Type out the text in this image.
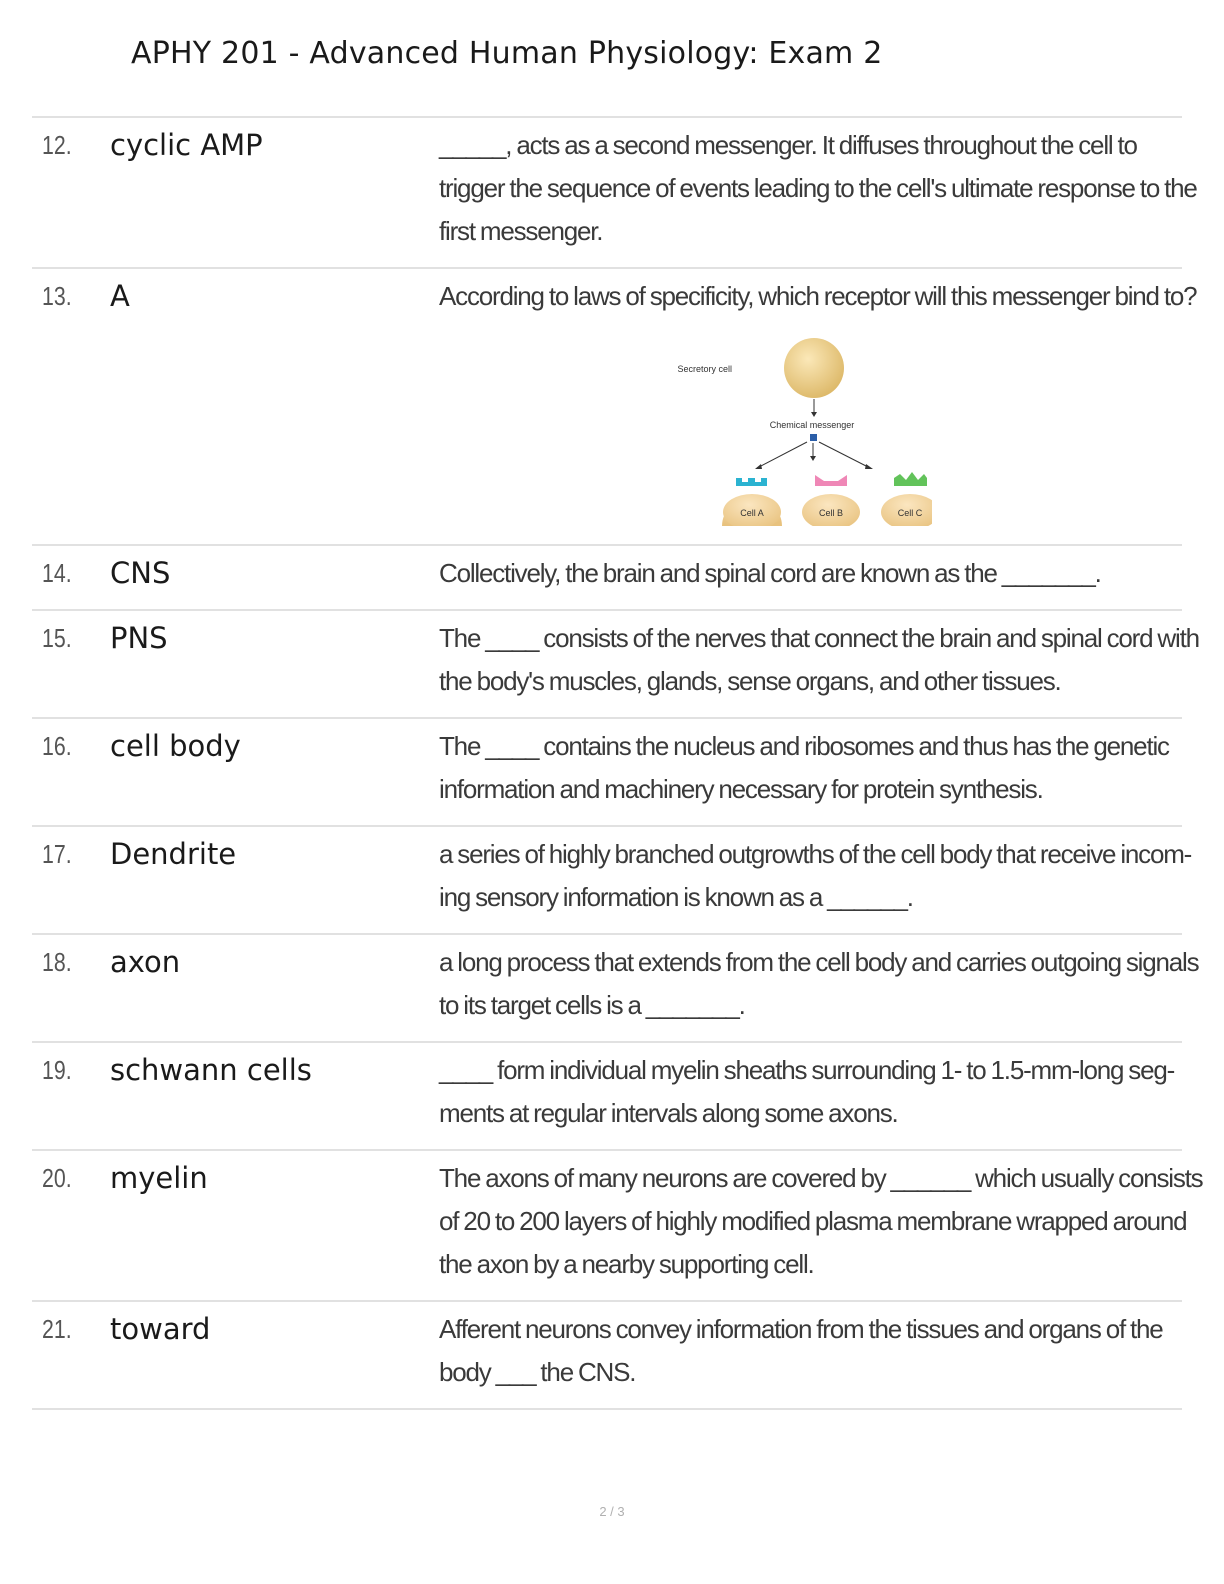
APHY 201 - Advanced Human Physiology: Exam 2
12. cyclic AMP	_____, acts as a second messenger. It diffuses throughout the cell to trigger the sequence of events leading to the cell's ultimate response to the first messenger.
13. A	According to laws of specificity, which receptor will this messenger bind to?
Secretory cell
Chemical messenger
Cell A	Cell B	Cell C
14. CNS	Collectively, the brain and spinal cord are known as the _______.
15. PNS	The ____ consists of the nerves that connect the brain and spinal cord with the body's muscles, glands, sense organs, and other tissues.
16. cell body	The ____ contains the nucleus and ribosomes and thus has the genetic information and machinery necessary for protein synthesis.
17. Dendrite	a series of highly branched outgrowths of the cell body that receive incom- ing sensory information is known as a ______.
18. axon	a long process that extends from the cell body and carries outgoing signals to its target cells is a _______.
19. schwann cells	____ form individual myelin sheaths surrounding 1- to 1.5-mm-long seg- ments at regular intervals along some axons.
20. myelin	The axons of many neurons are covered by ______ which usually consists of 20 to 200 layers of highly modified plasma membrane wrapped around the axon by a nearby supporting cell.
21. toward	Afferent neurons convey information from the tissues and organs of the body ___ the CNS.
2 / 3
